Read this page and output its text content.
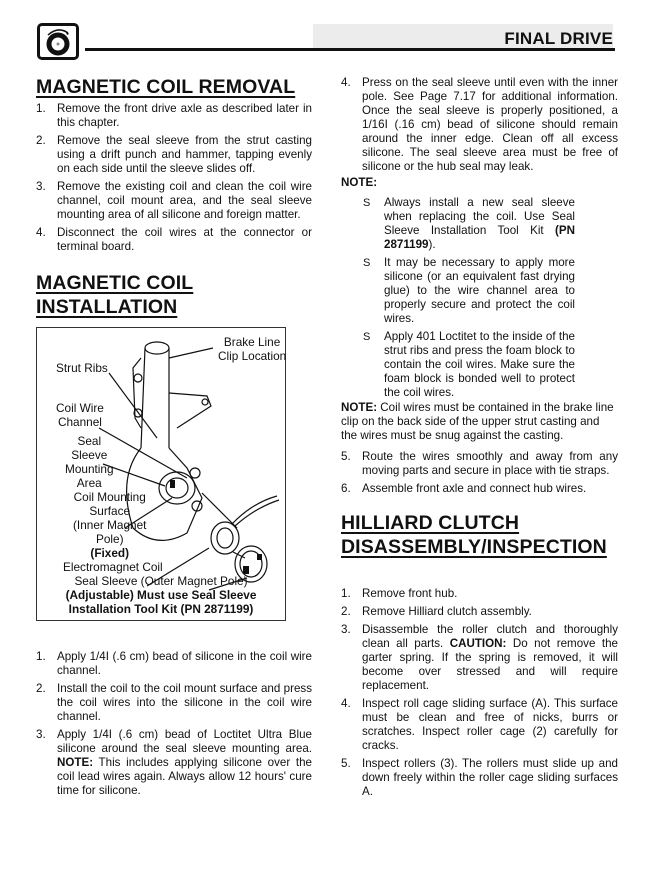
FINAL DRIVE
MAGNETIC COIL REMOVAL
1. Remove the front drive axle as described later in this chapter.
2. Remove the seal sleeve from the strut casting using a drift punch and hammer, tapping evenly on each side until the sleeve slides off.
3. Remove the existing coil and clean the coil wire channel, coil mount area, and the seal sleeve mounting area of all silicone and foreign matter.
4. Disconnect the coil wires at the connector or terminal board.
MAGNETIC COIL
INSTALLATION
Brake Line
Clip Location
Strut Ribs
Coil Wire
Channel
Seal
Sleeve
Mounting
Area
Coil Mounting
Surface
(Inner Magnet
Pole)
(Fixed)
Electromagnet Coil
Seal Sleeve (Outer Magnet Pole)
(Adjustable) Must use Seal Sleeve
Installation Tool Kit (PN 2871199)
1. Apply 1/4I (.6 cm) bead of silicone in the coil wire channel.
2. Install the coil to the coil mount surface and press the coil wires into the silicone in the coil wire channel.
3. Apply 1/4I (.6 cm) bead of Loctitet Ultra Blue silicone around the seal sleeve mounting area. NOTE: This includes applying silicone over the coil lead wires again. Always allow 12 hours' cure time for silicone.
4. Press on the seal sleeve until even with the inner pole. See Page 7.17 for additional information. Once the seal sleeve is properly positioned, a 1/16I (.16 cm) bead of silicone should remain around the inner edge. Clean off all excess silicone. The seal sleeve area must be free of silicone or the hub seal may leak.
NOTE:
S Always install a new seal sleeve when replacing the coil. Use Seal Sleeve Installation Tool Kit (PN 2871199).
S It may be necessary to apply more silicone (or an equivalent fast drying glue) to the wire channel area to properly secure and protect the coil wires.
S Apply 401 Loctitet to the inside of the strut ribs and press the foam block to contain the coil wires. Make sure the foam block is bonded well to protect the coil wires.
NOTE: Coil wires must be contained in the brake line clip on the back side of the upper strut casting and the wires must be snug against the casting.
5. Route the wires smoothly and away from any moving parts and secure in place with tie straps.
6. Assemble front axle and connect hub wires.
HILLIARD CLUTCH
DISASSEMBLY/INSPECTION
1. Remove front hub.
2. Remove Hilliard clutch assembly.
3. Disassemble the roller clutch and thoroughly clean all parts. CAUTION: Do not remove the garter spring. If the spring is removed, it will become over stressed and will require replacement.
4. Inspect roll cage sliding surface (A). This surface must be clean and free of nicks, burrs or scratches. Inspect roller cage (2) carefully for cracks.
5. Inspect rollers (3). The rollers must slide up and down freely within the roller cage sliding surfaces A.
